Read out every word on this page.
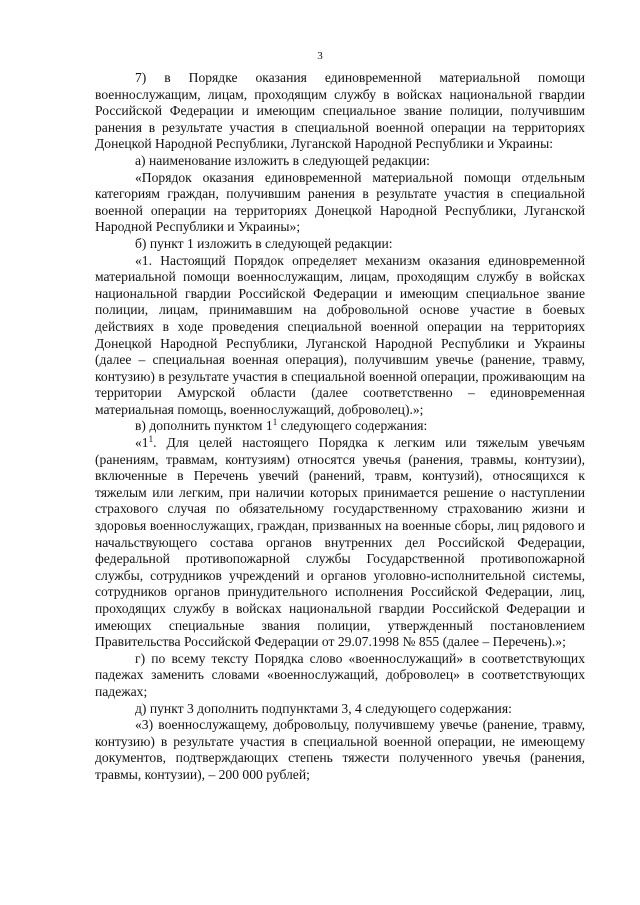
3

7) в Порядке оказания единовременной материальной помощи военнослужащим, лицам, проходящим службу в войсках национальной гвардии Российской Федерации и имеющим специальное звание полиции, получившим ранения в результате участия в специальной военной операции на территориях Донецкой Народной Республики, Луганской Народной Республики и Украины:

а) наименование изложить в следующей редакции:

«Порядок оказания единовременной материальной помощи отдельным категориям граждан, получившим ранения в результате участия в специальной военной операции на территориях Донецкой Народной Республики, Луганской Народной Республики и Украины»;

б) пункт 1 изложить в следующей редакции:

«1. Настоящий Порядок определяет механизм оказания единовременной материальной помощи военнослужащим, лицам, проходящим службу в войсках национальной гвардии Российской Федерации и имеющим специальное звание полиции, лицам, принимавшим на добровольной основе участие в боевых действиях в ходе проведения специальной военной операции на территориях Донецкой Народной Республики, Луганской Народной Республики и Украины (далее – специальная военная операция), получившим увечье (ранение, травму, контузию) в результате участия в специальной военной операции, проживающим на территории Амурской области (далее соответственно – единовременная материальная помощь, военнослужащий, доброволец).»;

в) дополнить пунктом $1^1$ следующего содержания:

«$1^1$. Для целей настоящего Порядка к легким или тяжелым увечьям (ранениям, травмам, контузиям) относятся увечья (ранения, травмы, контузии), включенные в Перечень увечий (ранений, травм, контузий), относящихся к тяжелым или легким, при наличии которых принимается решение о наступлении страхового случая по обязательному государственному страхованию жизни и здоровья военнослужащих, граждан, призванных на военные сборы, лиц рядового и начальствующего состава органов внутренних дел Российской Федерации, федеральной противопожарной службы Государственной противопожарной службы, сотрудников учреждений и органов уголовно-исполнительной системы, сотрудников органов принудительного исполнения Российской Федерации, лиц, проходящих службу в войсках национальной гвардии Российской Федерации и имеющих специальные звания полиции, утвержденный постановлением Правительства Российской Федерации от 29.07.1998 № 855 (далее – Перечень).»;

г) по всему тексту Порядка слово «военнослужащий» в соответствующих падежах заменить словами «военнослужащий, доброволец» в соответствующих падежах;

д) пункт 3 дополнить подпунктами 3, 4 следующего содержания:

«3) военнослужащему, добровольцу, получившему увечье (ранение, травму, контузию) в результате участия в специальной военной операции, не имеющему документов, подтверждающих степень тяжести полученного увечья (ранения, травмы, контузии), – 200 000 рублей;
